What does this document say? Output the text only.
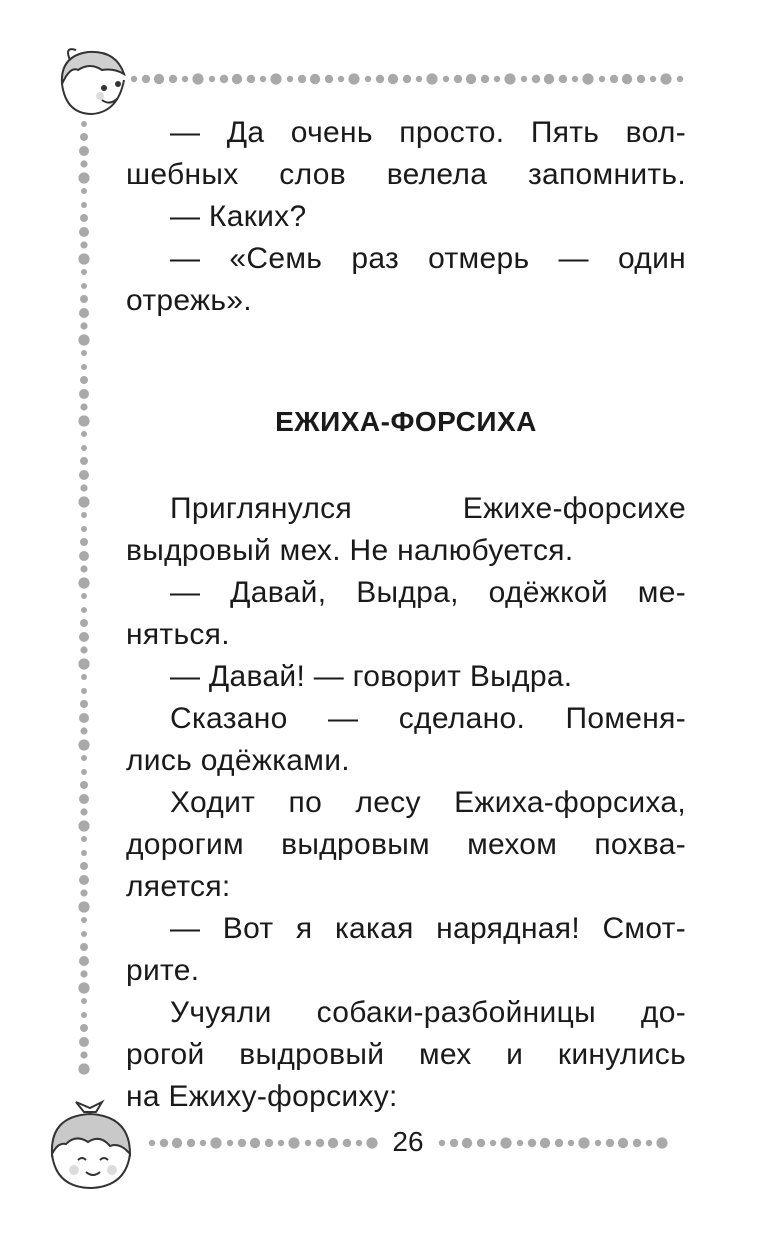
— Да очень просто. Пять вол-
шебных слов велела запомнить.
— Каких?
— «Семь раз отмерь — один
отрежь».
ЕЖИХА-ФОРСИХА
Приглянулся Ежихе-форсихе
выдровый мех. Не налюбуется.
— Давай, Выдра, одёжкой ме-
няться.
— Давай! — говорит Выдра.
Сказано — сделано. Поменя-
лись одёжками.
Ходит по лесу Ежиха-форсиха,
дорогим выдровым мехом похва-
ляется:
— Вот я какая нарядная! Смот-
рите.
Учуяли собаки-разбойницы до-
рогой выдровый мех и кинулись
на Ежиху-форсиху:
26
